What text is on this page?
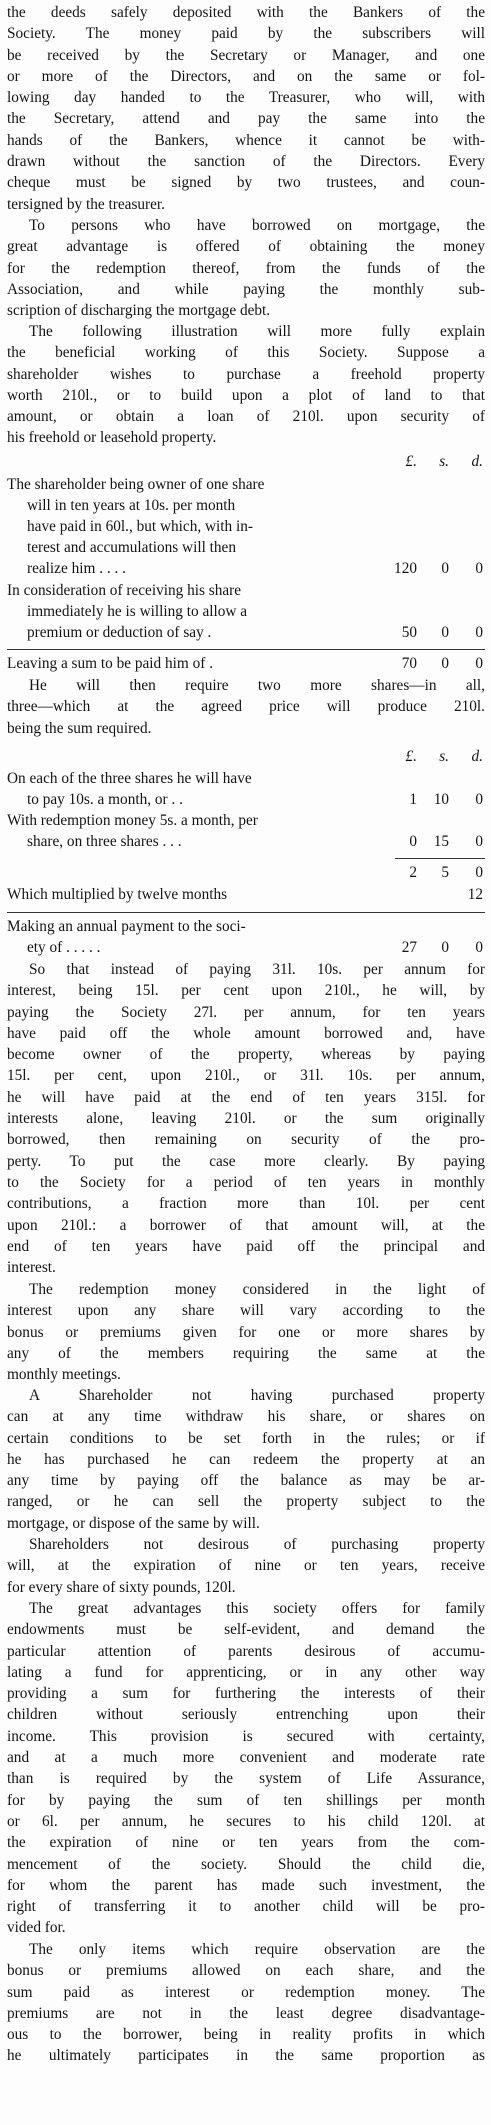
the deeds safely deposited with the Bankers of the
Society. The money paid by the subscribers will
be received by the Secretary or Manager, and one
or more of the Directors, and on the same or fol-
lowing day handed to the Treasurer, who will, with
the Secretary, attend and pay the same into the
hands of the Bankers, whence it cannot be with-
drawn without the sanction of the Directors. Every
cheque must be signed by two trustees, and coun-
tersigned by the treasurer.
To persons who have borrowed on mortgage, the
great advantage is offered of obtaining the money
for the redemption thereof, from the funds of the
Association, and while paying the monthly sub-
scription of discharging the mortgage debt.
The following illustration will more fully explain
the beneficial working of this Society. Suppose a
shareholder wishes to purchase a freehold property
worth 210l., or to build upon a plot of land to that
amount, or obtain a loan of 210l. upon security of
his freehold or leasehold property.
£.	s.	d.
The shareholder being owner of one share
will in ten years at 10s. per month
have paid in 60l., but which, with in-
terest and accumulations will then
realize him . . . .	120	0	0
In consideration of receiving his share
immediately he is willing to allow a
premium or deduction of say .	50	0	0
Leaving a sum to be paid him of .	70	0	0
He will then require two more shares—in all,
three—which at the agreed price will produce 210l.
being the sum required.
£.	s.	d.
On each of the three shares he will have
to pay 10s. a month, or . .	1	10	0
With redemption money 5s. a month, per
share, on three shares . . .	0	15	0
2	5	0
Which multiplied by twelve months	12
Making an annual payment to the soci-
ety of . . . . .	27	0	0
So that instead of paying 31l. 10s. per annum for
interest, being 15l. per cent upon 210l., he will, by
paying the Society 27l. per annum, for ten years
have paid off the whole amount borrowed and, have
become owner of the property, whereas by paying
15l. per cent, upon 210l., or 31l. 10s. per annum,
he will have paid at the end of ten years 315l. for
interests alone, leaving 210l. or the sum originally
borrowed, then remaining on security of the pro-
perty. To put the case more clearly. By paying
to the Society for a period of ten years in monthly
contributions, a fraction more than 10l. per cent
upon 210l.: a borrower of that amount will, at the
end of ten years have paid off the principal and
interest.
The redemption money considered in the light of
interest upon any share will vary according to the
bonus or premiums given for one or more shares by
any of the members requiring the same at the
monthly meetings.
A Shareholder not having purchased property
can at any time withdraw his share, or shares on
certain conditions to be set forth in the rules; or if
he has purchased he can redeem the property at an
any time by paying off the balance as may be ar-
ranged, or he can sell the property subject to the
mortgage, or dispose of the same by will.
Shareholders not desirous of purchasing property
will, at the expiration of nine or ten years, receive
for every share of sixty pounds, 120l.
The great advantages this society offers for family
endowments must be self-evident, and demand the
particular attention of parents desirous of accumu-
lating a fund for apprenticing, or in any other way
providing a sum for furthering the interests of their
children without seriously entrenching upon their
income. This provision is secured with certainty,
and at a much more convenient and moderate rate
than is required by the system of Life Assurance,
for by paying the sum of ten shillings per month
or 6l. per annum, he secures to his child 120l. at
the expiration of nine or ten years from the com-
mencement of the society. Should the child die,
for whom the parent has made such investment, the
right of transferring it to another child will be pro-
vided for.
The only items which require observation are the
bonus or premiums allowed on each share, and the
sum paid as interest or redemption money. The
premiums are not in the least degree disadvantage-
ous to the borrower, being in reality profits in which
he ultimately participates in the same proportion as
